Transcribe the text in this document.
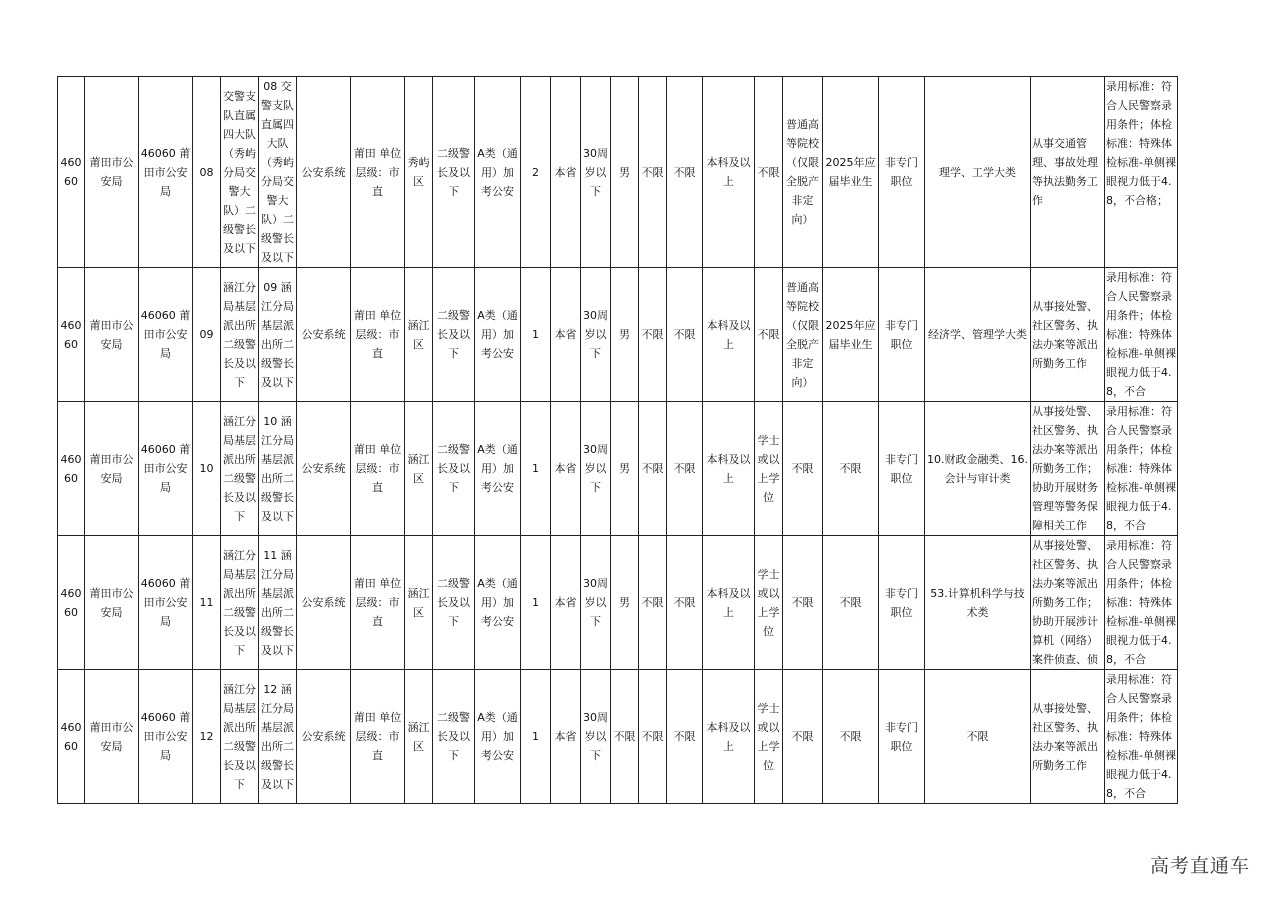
46060	莆田市公安局	46060 莆田市公安局	08	交警支队直属四大队（秀屿分局交警大队）二级警长及以下	08 交警支队直属四大队（秀屿分局交警大队）二级警长及以下	公安系统	莆田 单位层级：市直	秀屿区	二级警长及以下	A类（通用）加考公安	2	本省	30周岁以下	男	不限	不限	本科及以上	不限	普通高等院校（仅限全脱产非定向）	2025年应届毕业生	非专门职位	理学、工学大类	从事交通管理、事故处理等执法勤务工作	录用标准：符合人民警察录用条件；体检标准：特殊体检标准-单侧裸眼视力低于4.8，不合格；
46060	莆田市公安局	46060 莆田市公安局	09	涵江分局基层派出所二级警长及以下	09 涵江分局基层派出所二级警长及以下	公安系统	莆田 单位层级：市直	涵江区	二级警长及以下	A类（通用）加考公安	1	本省	30周岁以下	男	不限	不限	本科及以上	不限	普通高等院校（仅限全脱产非定向）	2025年应届毕业生	非专门职位	经济学、管理学大类	从事接处警、社区警务、执法办案等派出所勤务工作	录用标准：符合人民警察录用条件；体检标准：特殊体检标准-单侧裸眼视力低于4.8，不合
46060	莆田市公安局	46060 莆田市公安局	10	涵江分局基层派出所二级警长及以下	10 涵江分局基层派出所二级警长及以下	公安系统	莆田 单位层级：市直	涵江区	二级警长及以下	A类（通用）加考公安	1	本省	30周岁以下	男	不限	不限	本科及以上	学士或以上学位	不限	不限	非专门职位	10.财政金融类、16.会计与审计类	从事接处警、社区警务、执法办案等派出所勤务工作；协助开展财务管理等警务保障相关工作	录用标准：符合人民警察录用条件；体检标准：特殊体检标准-单侧裸眼视力低于4.8，不合
46060	莆田市公安局	46060 莆田市公安局	11	涵江分局基层派出所二级警长及以下	11 涵江分局基层派出所二级警长及以下	公安系统	莆田 单位层级：市直	涵江区	二级警长及以下	A类（通用）加考公安	1	本省	30周岁以下	男	不限	不限	本科及以上	学士或以上学位	不限	不限	非专门职位	53.计算机科学与技术类	从事接处警、社区警务、执法办案等派出所勤务工作；协助开展涉计算机（网络）案件侦查、侦	录用标准：符合人民警察录用条件；体检标准：特殊体检标准-单侧裸眼视力低于4.8，不合
46060	莆田市公安局	46060 莆田市公安局	12	涵江分局基层派出所二级警长及以下	12 涵江分局基层派出所二级警长及以下	公安系统	莆田 单位层级：市直	涵江区	二级警长及以下	A类（通用）加考公安	1	本省	30周岁以下	不限	不限	不限	本科及以上	学士或以上学位	不限	不限	非专门职位	不限	从事接处警、社区警务、执法办案等派出所勤务工作	录用标准：符合人民警察录用条件；体检标准：特殊体检标准-单侧裸眼视力低于4.8，不合
高考直通车
